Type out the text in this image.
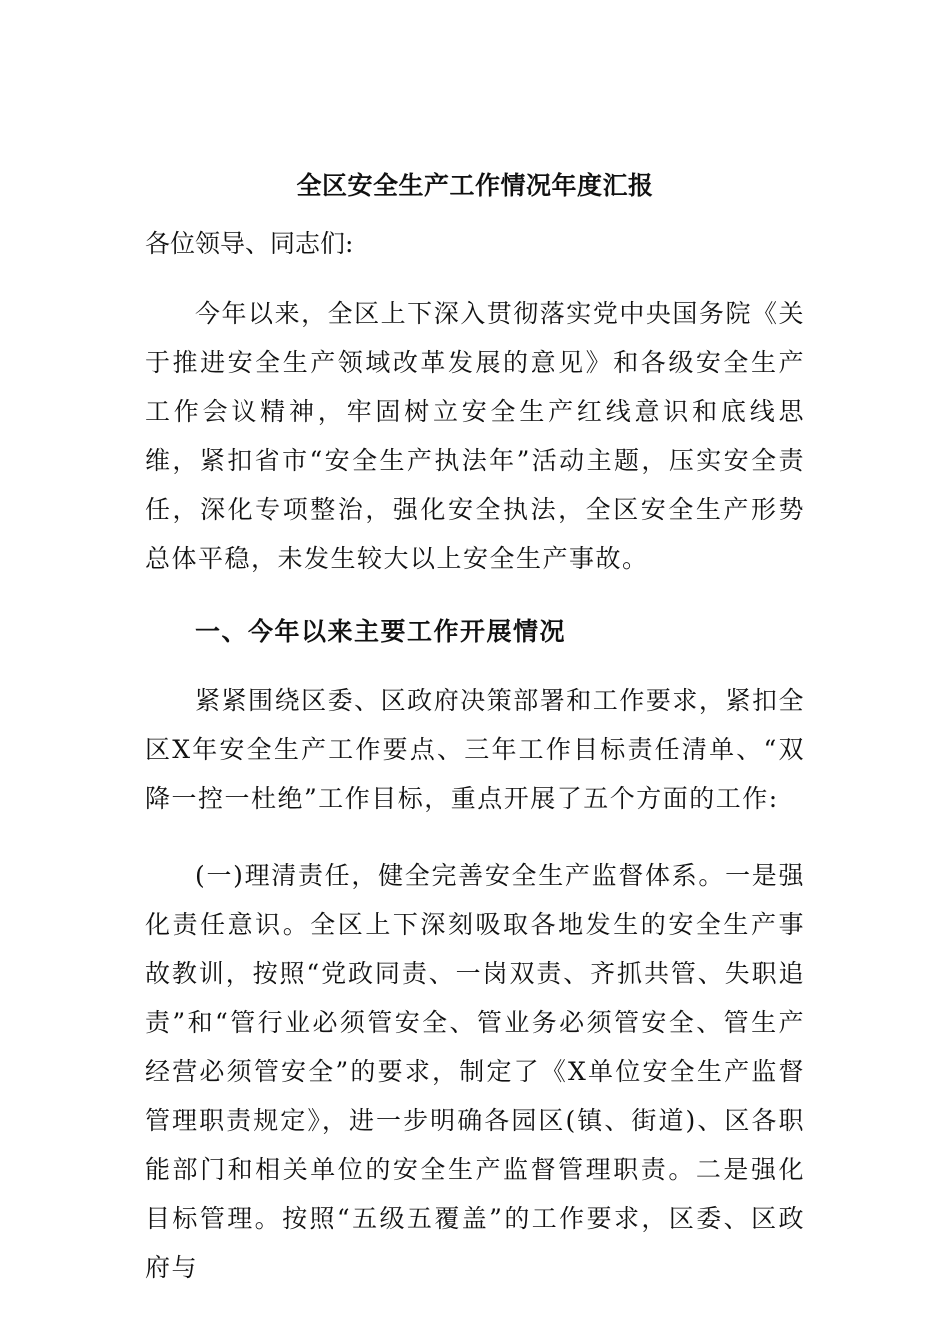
全区安全生产工作情况年度汇报

各位领导、同志们:

今年以来，全区上下深入贯彻落实党中央国务院《关于推进安全生产领域改革发展的意见》和各级安全生产工作会议精神，牢固树立安全生产红线意识和底线思维，紧扣省市“安全生产执法年”活动主题，压实安全责任，深化专项整治，强化安全执法，全区安全生产形势总体平稳，未发生较大以上安全生产事故。

一、今年以来主要工作开展情况

紧紧围绕区委、区政府决策部署和工作要求，紧扣全区X年安全生产工作要点、三年工作目标责任清单、“双降一控一杜绝”工作目标，重点开展了五个方面的工作:

(一)理清责任，健全完善安全生产监督体系。一是强化责任意识。全区上下深刻吸取各地发生的安全生产事故教训，按照“党政同责、一岗双责、齐抓共管、失职追责”和“管行业必须管安全、管业务必须管安全、管生产经营必须管安全”的要求，制定了《X单位安全生产监督管理职责规定》，进一步明确各园区(镇、街道)、区各职能部门和相关单位的安全生产监督管理职责。二是强化目标管理。按照“五级五覆盖”的工作要求，区委、区政府与
